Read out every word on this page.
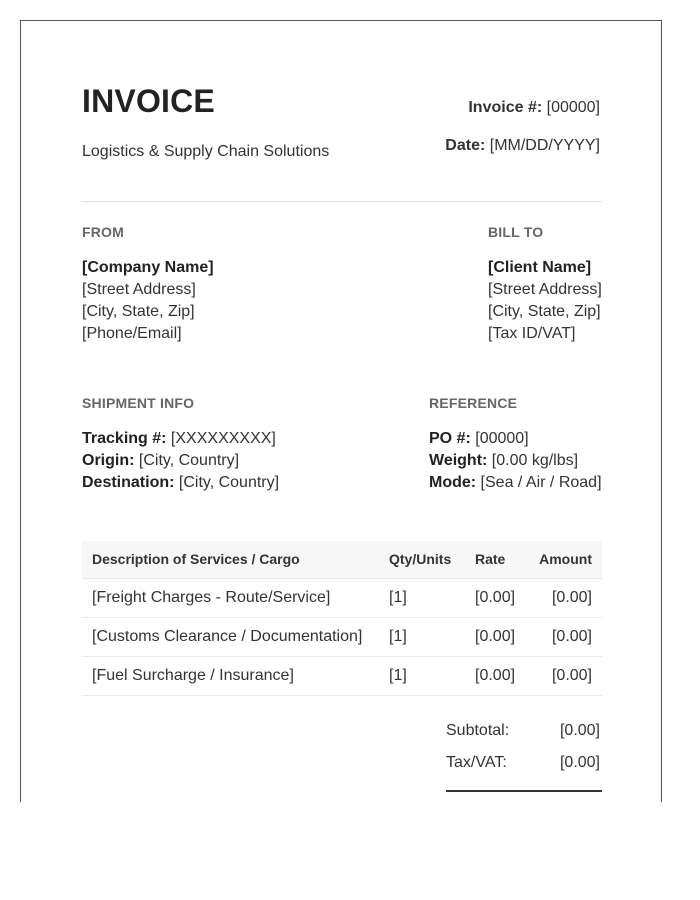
INVOICE
Logistics & Supply Chain Solutions
Invoice #: [00000]
Date: [MM/DD/YYYY]
FROM
[Company Name]
[Street Address]
[City, State, Zip]
[Phone/Email]
BILL TO
[Client Name]
[Street Address]
[City, State, Zip]
[Tax ID/VAT]
SHIPMENT INFO
Tracking #: [XXXXXXXXX]
Origin: [City, Country]
Destination: [City, Country]
REFERENCE
PO #: [00000]
Weight: [0.00 kg/lbs]
Mode: [Sea / Air / Road]
Description of Services / Cargo	Qty/Units	Rate	Amount
[Freight Charges - Route/Service]	[1]	[0.00]	[0.00]
[Customs Clearance / Documentation]	[1]	[0.00]	[0.00]
[Fuel Surcharge / Insurance]	[1]	[0.00]	[0.00]
Subtotal:	[0.00]
Tax/VAT:	[0.00]
